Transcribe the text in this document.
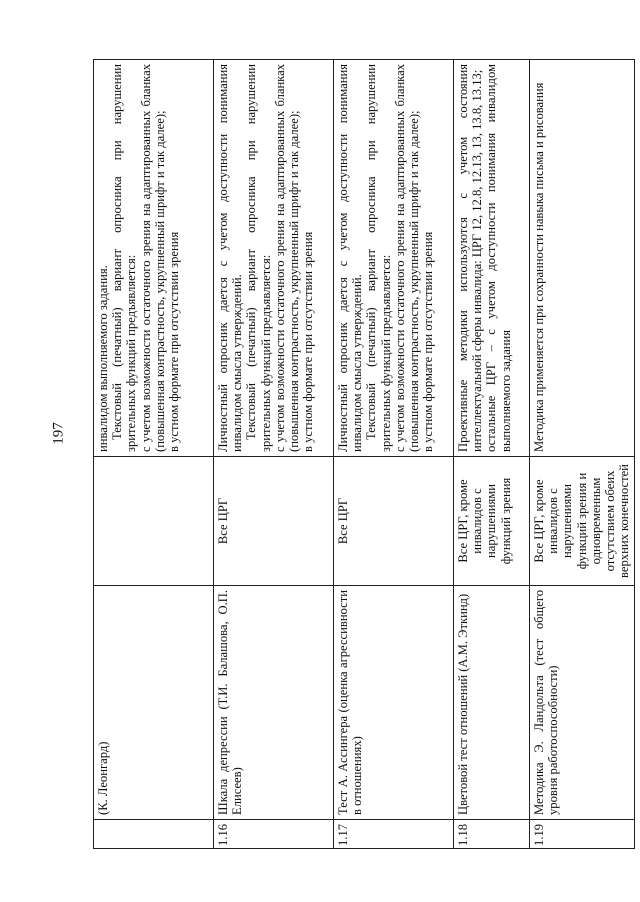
197
	(К. Леонгард)		инвалидом выполняемого задания. Текстовый (печатный) вариант опросника при нарушении зрительных функций предъявляется: с учетом возможности остаточного зрения на адаптированных бланках (повышенная контрастность, укрупненный шрифт и так далее); в устном формате при отсутствии зрения

1.16	Шкала депрессии (Т.И. Балашова, О.П. Елисеев)	Все ЦРГ	Личностный опросник дается с учетом доступности понимания инвалидом смысла утверждений. Текстовый (печатный) вариант опросника при нарушении зрительных функций предъявляется: с учетом возможности остаточного зрения на адаптированных бланках (повышенная контрастность, укрупненный шрифт и так далее); в устном формате при отсутствии зрения

1.17	Тест А. Ассингера (оценка агрессивности в отношениях)	Все ЦРГ	Личностный опросник дается с учетом доступности понимания инвалидом смысла утверждений. Текстовый (печатный) вариант опросника при нарушении зрительных функций предъявляется: с учетом возможности остаточного зрения на адаптированных бланках (повышенная контрастность, укрупненный шрифт и так далее); в устном формате при отсутствии зрения

1.18	Цветовой тест отношений (А.М. Эткинд)	Все ЦРГ, кроме инвалидов с нарушениями функций зрения	Проективные методики используются с учетом состояния интеллектуальной сферы инвалида: ЦРГ 12, 12.8, 12.13, 13, 13.8, 13.13; остальные ЦРГ – с учетом доступности понимания инвалидом выполняемого задания

1.19	Методика Э. Ландольта (тест общего уровня работоспособности)	Все ЦРГ, кроме инвалидов с нарушениями функций зрения и одновременным отсутствием обеих верхних конечностей	Методика применяется при сохранности навыка письма и рисования
